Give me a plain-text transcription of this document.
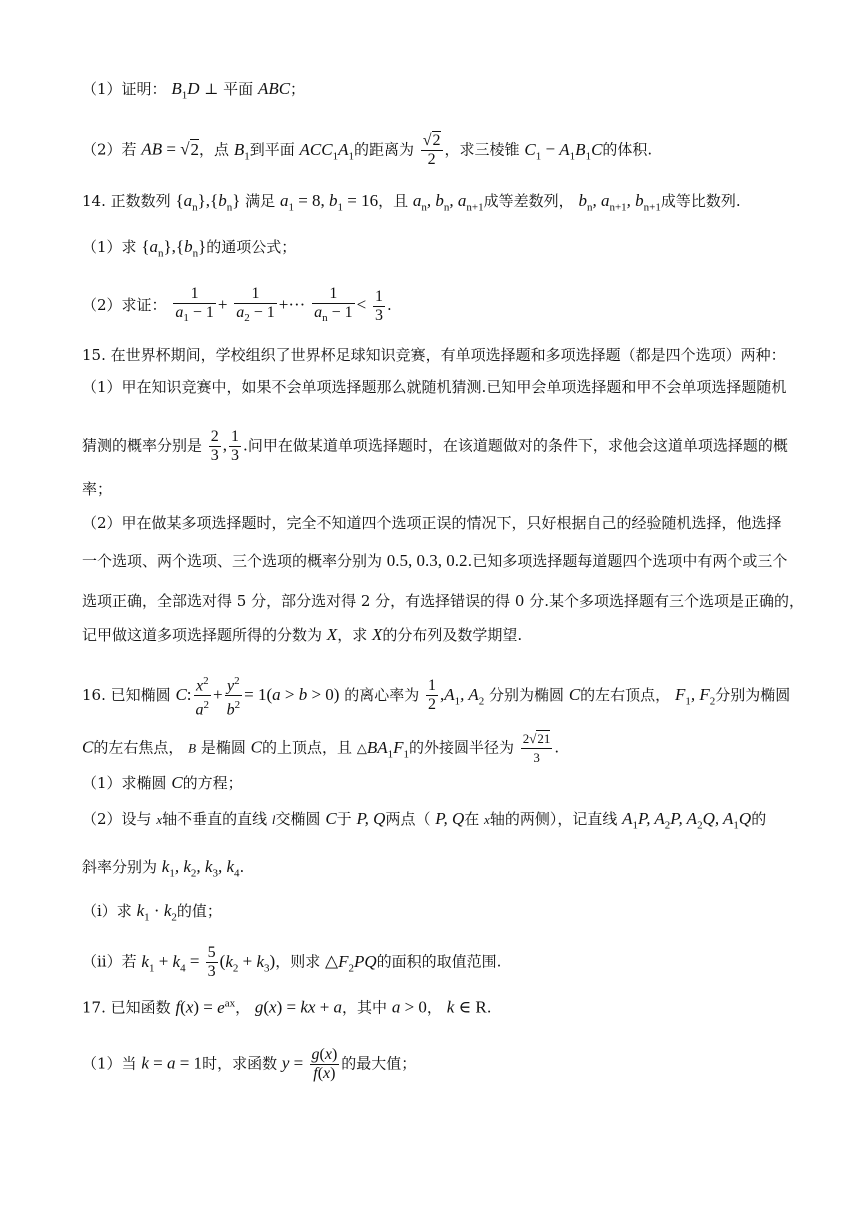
（1）证明： $B_1D$ ⊥ 平面 ABC；
（2）若 AB = √2，点 $B_1$到平面 $ACC_1A_1$的距离为 $\frac{√2}{2}$ ，求三棱锥 $C_1 - A_1B_1C$的体积.
14. 正数数列 $\{a_n\},\{b_n\}$ 满足 $a_1 = 8$, $b_1 = 16$，且 $a_n$, $b_n$, $a_{n+1}$成等差数列， $b_n$, $a_{n+1}$, $b_{n+1}$成等比数列.
（1）求 $\{a_n\},\{b_n\}$的通项公式；
（2）求证： $\frac{1}{a_1 - 1} + \frac{1}{a_2 - 1}$ +··· $\frac{1}{a_n - 1} < \frac{1}{3}$ .
15. 在世界杯期间，学校组织了世界杯足球知识竞赛，有单项选择题和多项选择题（都是四个选项）两种：
（1）甲在知识竞赛中，如果不会单项选择题那么就随机猜测.已知甲会单项选择题和甲不会单项选择题随机
猜测的概率分别是 $\frac{2}{3}$ , $\frac{1}{3}$ .问甲在做某道单项选择题时，在该道题做对的条件下，求他会这道单项选择题的概
率；
（2）甲在做某多项选择题时，完全不知道四个选项正误的情况下，只好根据自己的经验随机选择，他选择
一个选项、两个选项、三个选项的概率分别为 0.5, 0.3, 0.2.已知多项选择题每道题四个选项中有两个或三个
选项正确，全部选对得 5 分，部分选对得 2 分，有选择错误的得 0 分.某个多项选择题有三个选项是正确的，
记甲做这道多项选择题所得的分数为 X，求 X的分布列及数学期望.
16. 已知椭圆 C: $\frac{x^2}{a^2} + \frac{y^2}{b^2} = 1(a > b > 0)$ 的离心率为 $\frac{1}{2} ,A_1$, $A_2$ 分别为椭圆 C的左右顶点， $F_1$, $F_2$分别为椭圆
C的左右焦点， B 是椭圆 C的上顶点，且 $\triangle BA_1F_1$的外接圆半径为 $\frac{2√21}{3}$ .
（1）求椭圆 C的方程；
（2）设与 x轴不垂直的直线 l交椭圆 C于 P, Q两点（ P, Q在 x轴的两侧），记直线 $A_1P$, $A_2P$, $A_2Q$, $A_1Q$的
斜率分别为 $k_1$, $k_2$, $k_3$, $k_4$.
（i）求 $k_1 \cdot k_2$的值；
（ii）若 $k_1 + k_4 = \frac{5}{3} (k_2 + k_3)$，则求 $\triangle F_2PQ$的面积的取值范围.
17. 已知函数 $f(x) = e^{ax}$， g(x) = kx + a，其中 a > 0， k ∈ R.
（1）当 k = a = 1时，求函数 $y = \frac{g(x)}{f(x)}$ 的最大值；
